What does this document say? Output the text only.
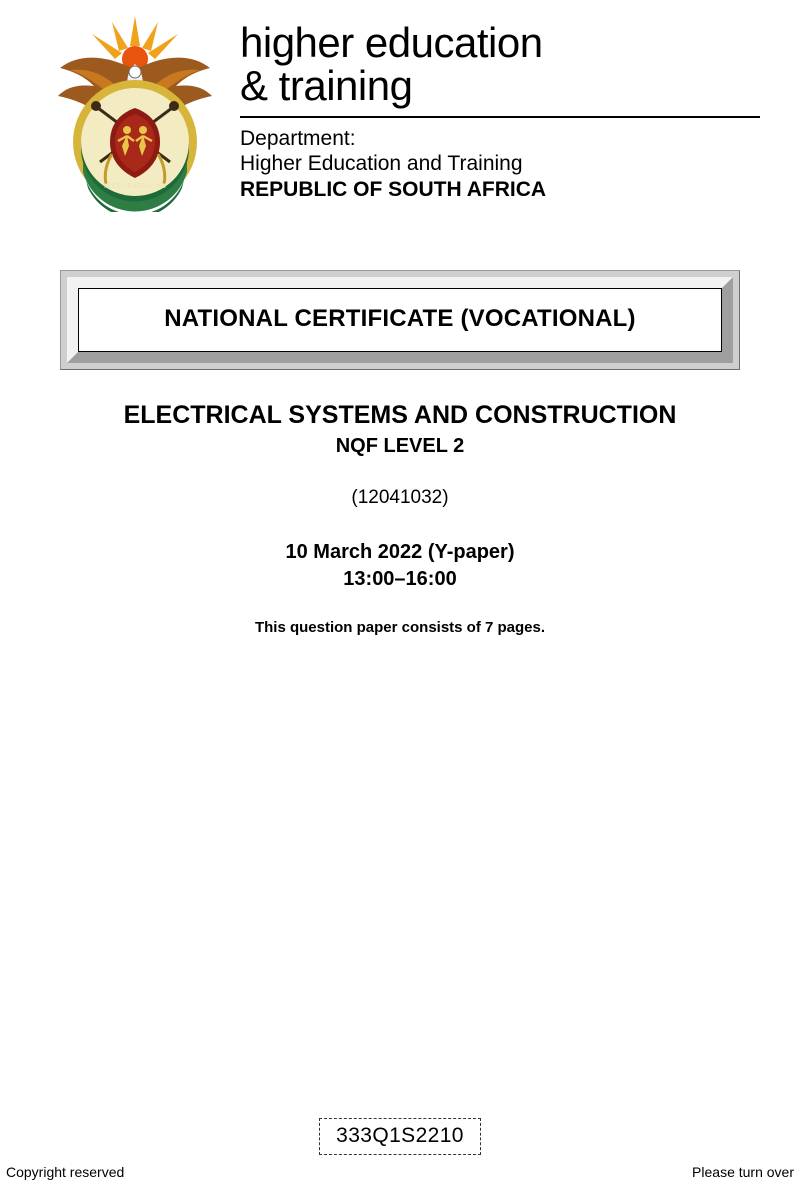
!KE E: /XARRA //KE
higher education
& training
Department:
Higher Education and Training
REPUBLIC OF SOUTH AFRICA
NATIONAL CERTIFICATE (VOCATIONAL)
ELECTRICAL SYSTEMS AND CONSTRUCTION
NQF LEVEL 2
(12041032)
10 March 2022 (Y-paper)
13:00–16:00
This question paper consists of 7 pages.
333Q1S2210
Copyright reserved	Please turn over
